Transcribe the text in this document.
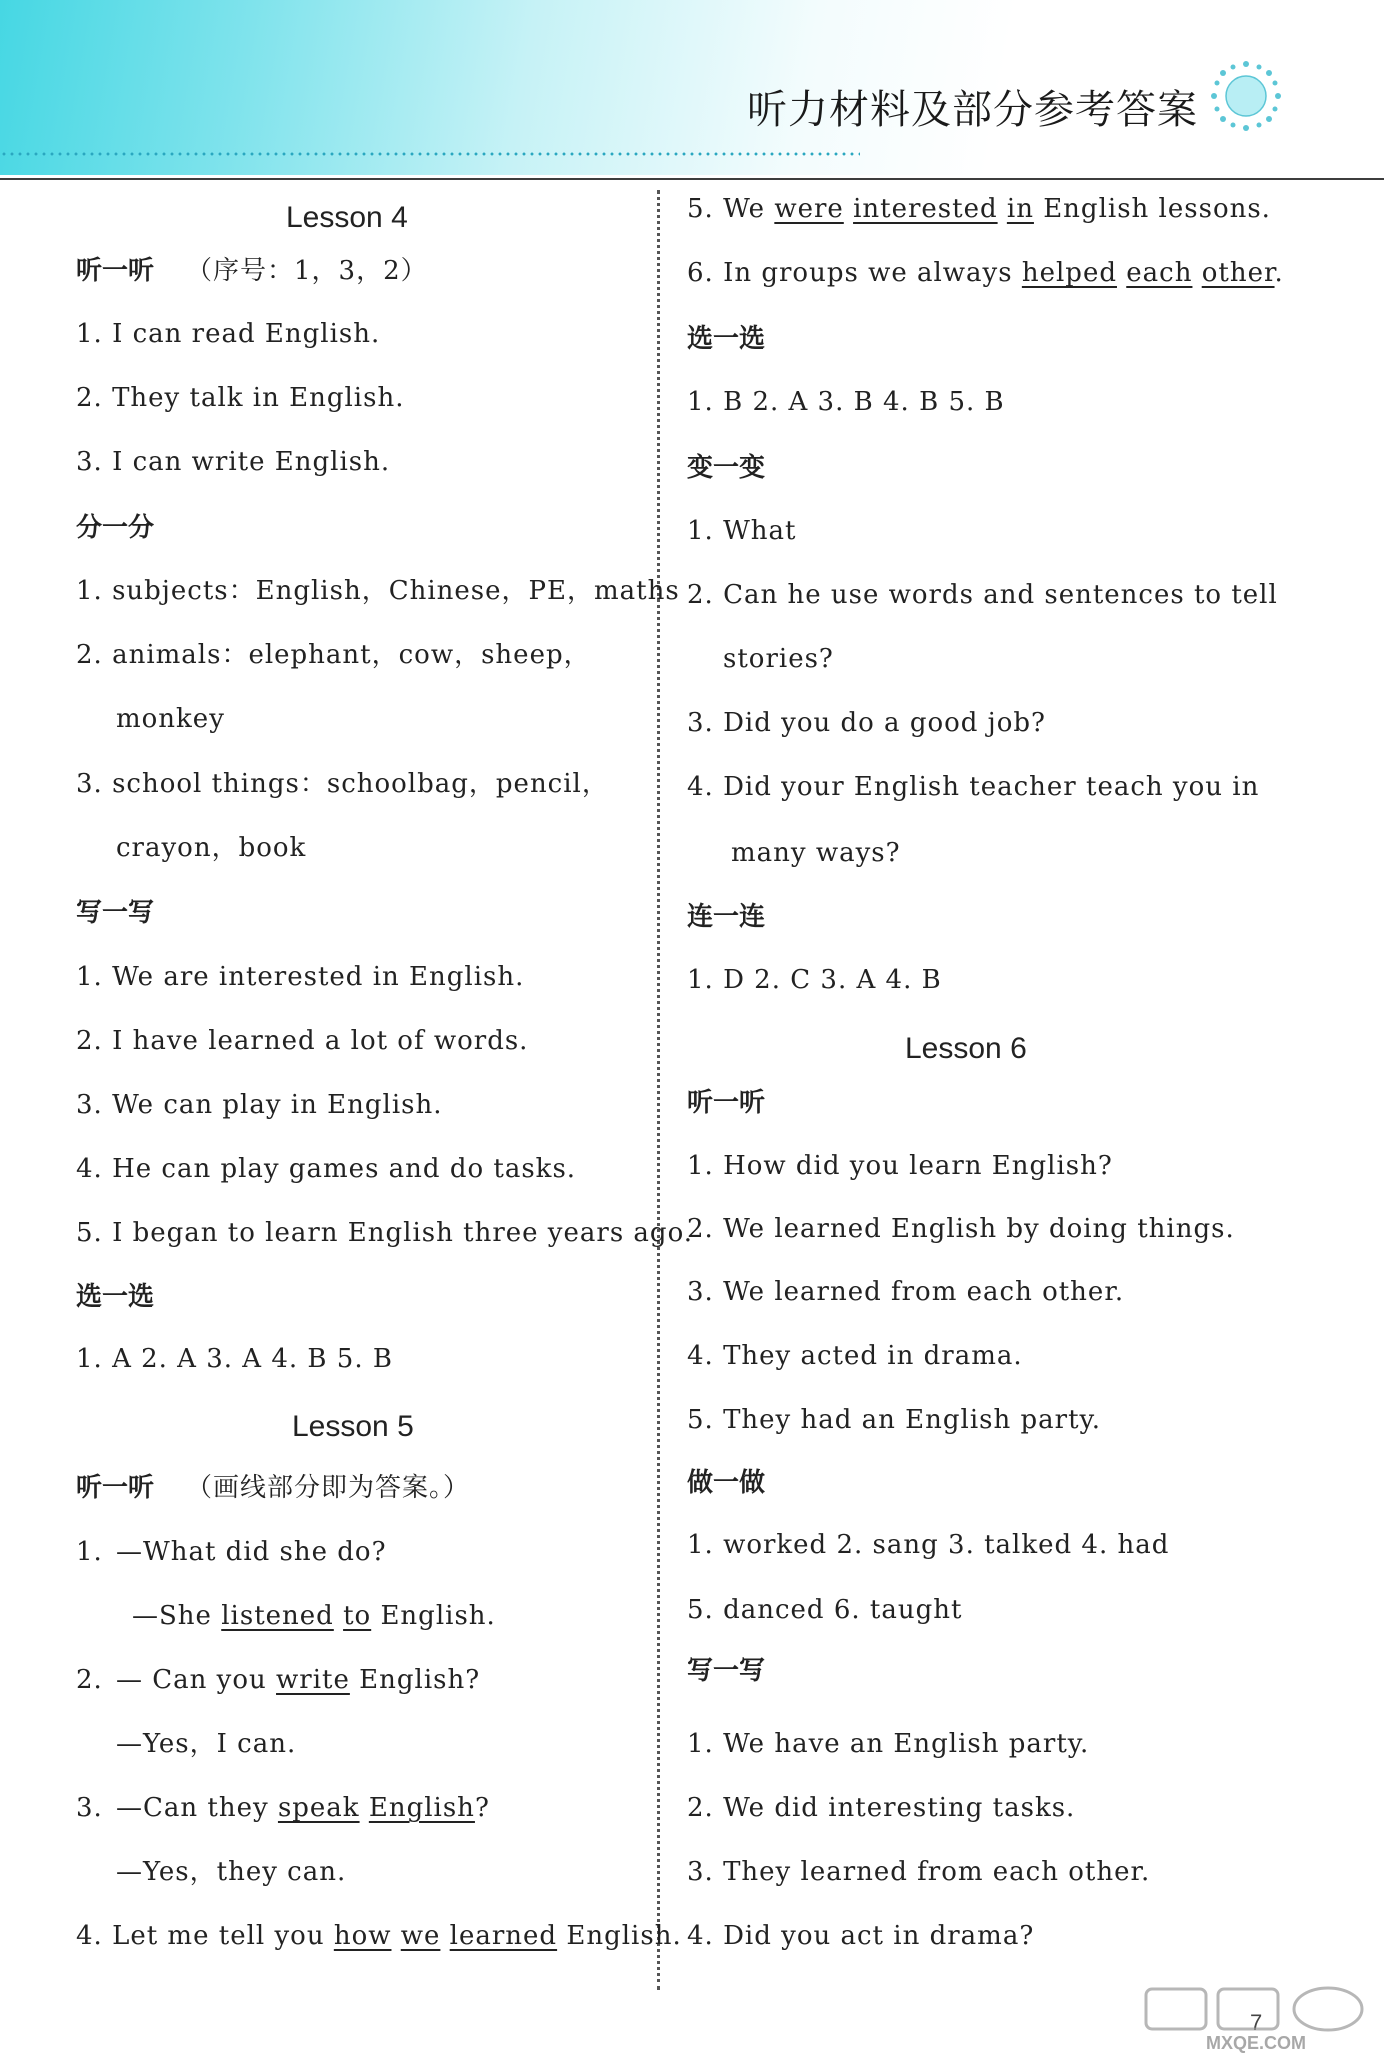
听力材料及部分参考答案
Lesson 4
听一听 （序号：1，3，2）
1. I can read English.
2. They talk in English.
3. I can write English.
分一分
1. subjects：English，Chinese，PE，maths
2. animals：elephant，cow，sheep，
monkey
3. school things：schoolbag，pencil，
crayon，book
写一写
1. We are interested in English.
2. I have learned a lot of words.
3. We can play in English.
4. He can play games and do tasks.
5. I began to learn English three years ago.
选一选
1. A 2. A 3. A 4. B 5. B
Lesson 5
听一听 （画线部分即为答案。）
1. —What did she do?
—She listened to English.
2. — Can you write English?
—Yes，I can.
3. —Can they speak English?
—Yes，they can.
4. Let me tell you how we learned English.
5. We were interested in English lessons.
6. In groups we always helped each other.
选一选
1. B 2. A 3. B 4. B 5. B
变一变
1. What
2. Can he use words and sentences to tell
stories?
3. Did you do a good job?
4. Did your English teacher teach you in
many ways?
连一连
1. D 2. C 3. A 4. B
Lesson 6
听一听
1. How did you learn English?
2. We learned English by doing things.
3. We learned from each other.
4. They acted in drama.
5. They had an English party.
做一做
1. worked 2. sang 3. talked 4. had
5. danced 6. taught
写一写
1. We have an English party.
2. We did interesting tasks.
3. They learned from each other.
4. Did you act in drama?
7
MXQE.COM
